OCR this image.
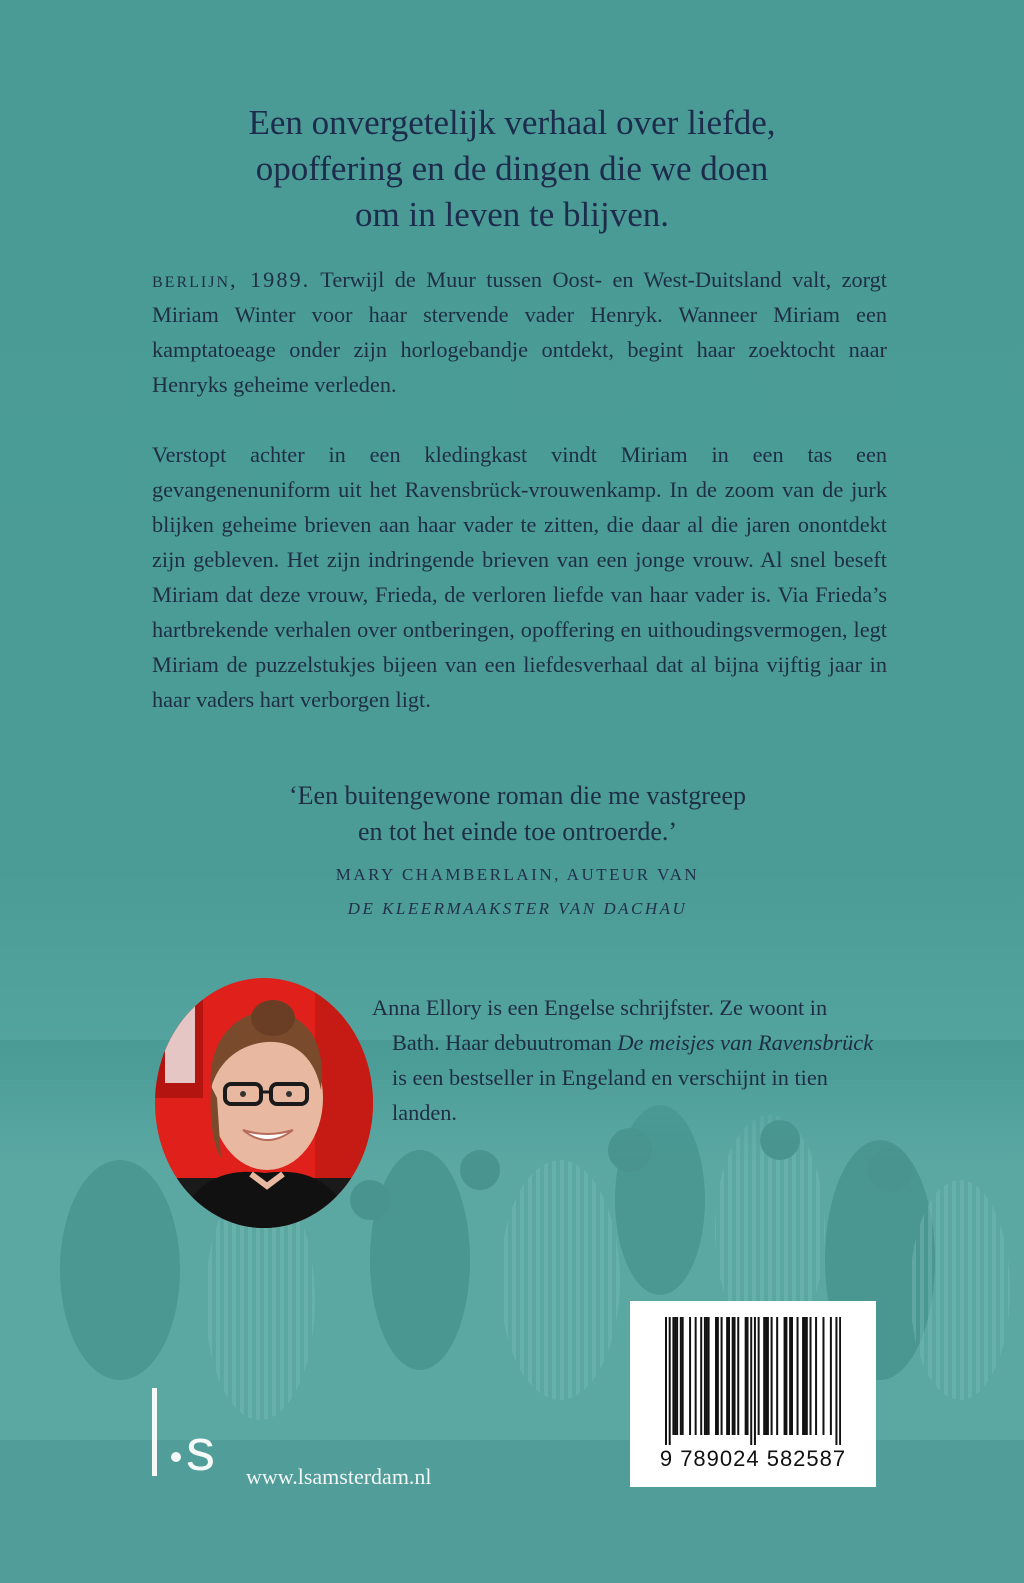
Een onvergetelijk verhaal over liefde,

opoffering en de dingen die we doen

om in leven te blijven.

berlijn, 1989. Terwijl de Muur tussen Oost- en West-Duitsland valt, zorgt Miriam Winter voor haar stervende vader Henryk. Wanneer Miriam een kamptatoeage onder zijn horlogebandje ontdekt, begint haar zoektocht naar Henryks geheime verleden.

Verstopt achter in een kledingkast vindt Miriam in een tas een gevangenenuniform uit het Ravensbrück-vrouwenkamp. In de zoom van de jurk blijken geheime brieven aan haar vader te zitten, die daar al die jaren onontdekt zijn gebleven. Het zijn indringende brieven van een jonge vrouw. Al snel beseft Miriam dat deze vrouw, Frieda, de verloren liefde van haar vader is. Via Frieda’s hartbrekende verhalen over ontberingen, opoffering en uithoudingsvermogen, legt Miriam de puzzelstukjes bijeen van een liefdesverhaal dat al bijna vijftig jaar in haar vaders hart verborgen ligt.

‘Een buitengewone roman die me vastgreep

en tot het einde toe ontroerde.’

MARY CHAMBERLAIN, AUTEUR VAN

DE KLEERMAAKSTER VAN DACHAU

Anna Ellory is een Engelse schrijfster. Ze woont in
Bath. Haar debuutroman De meisjes van Ravensbrück
is een bestseller in Engeland en verschijnt in tien
landen.
s www.lsamsterdam.nl
9 789024 582587
